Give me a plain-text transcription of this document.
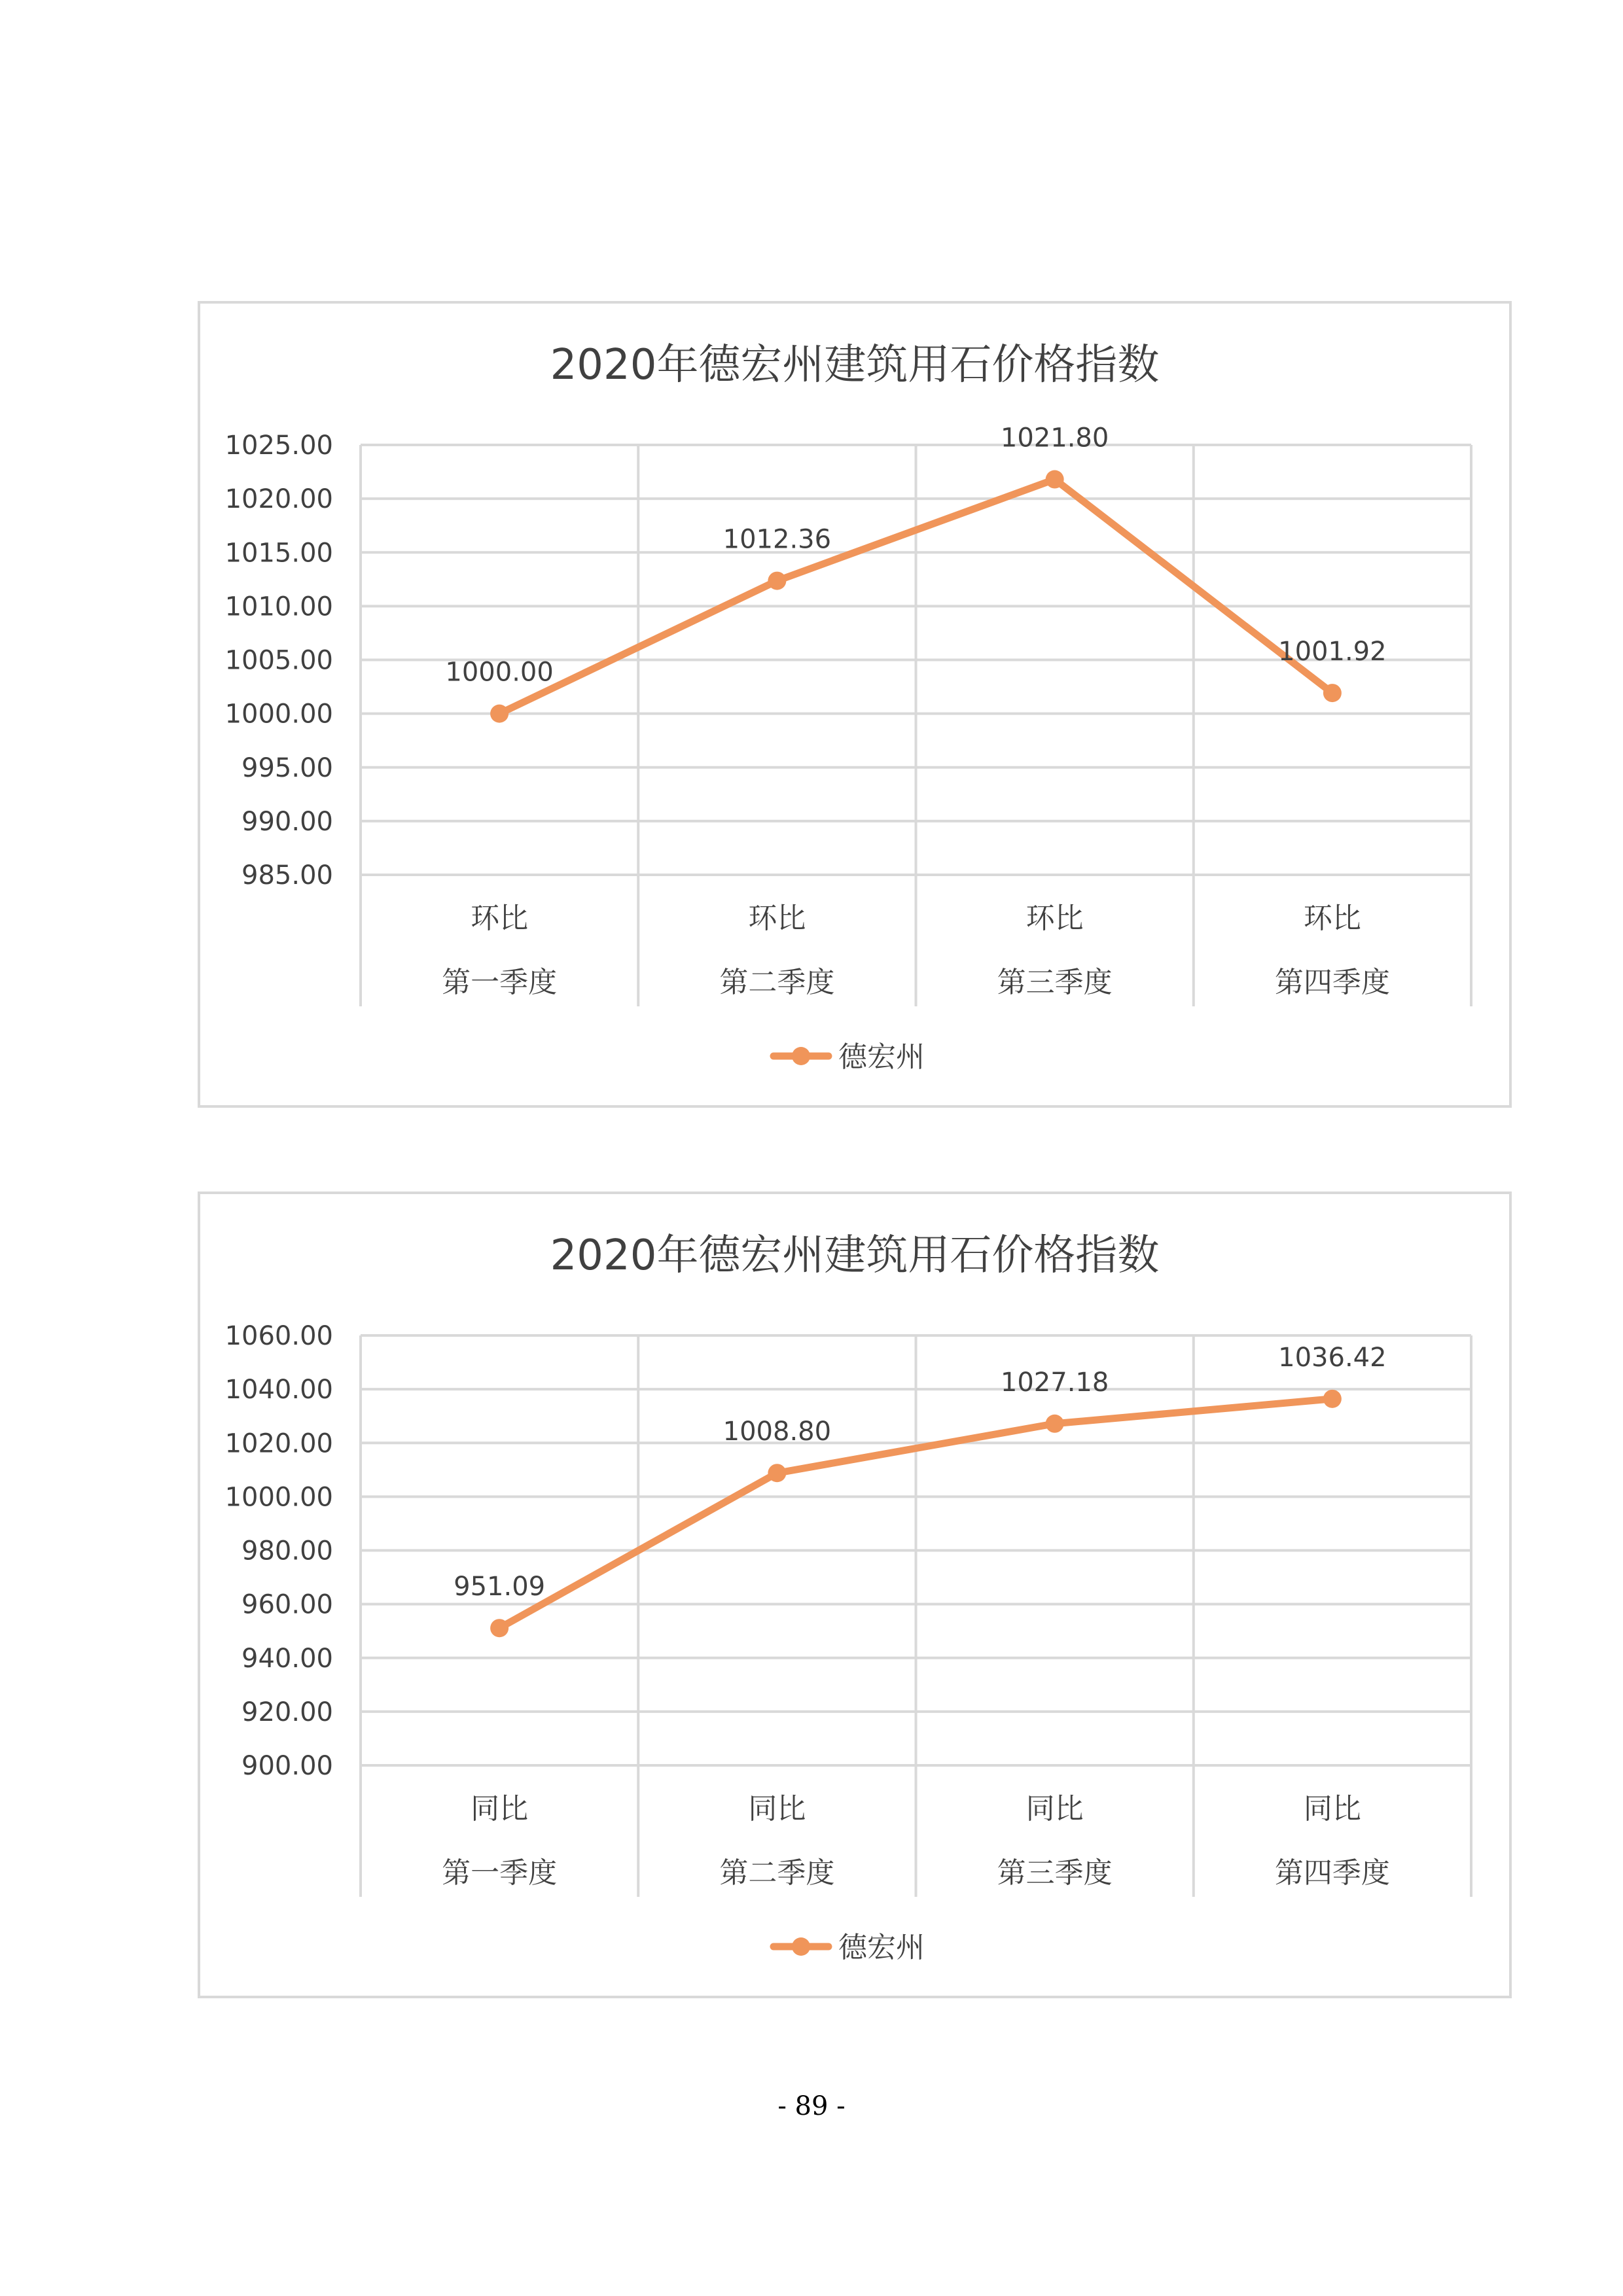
2020年德宏州建筑用石价格指数
985.00
990.00
995.00
1000.00
1005.00
1010.00
1015.00
1020.00
1025.00
环比
第一季度
环比
第二季度
环比
第三季度
环比
第四季度
1000.00
1012.36
1021.80
1001.92
德宏州
2020年德宏州建筑用石价格指数
900.00
920.00
940.00
960.00
980.00
1000.00
1020.00
1040.00
1060.00
同比
第一季度
同比
第二季度
同比
第三季度
同比
第四季度
951.09
1008.80
1027.18
1036.42
德宏州
- 89 -
